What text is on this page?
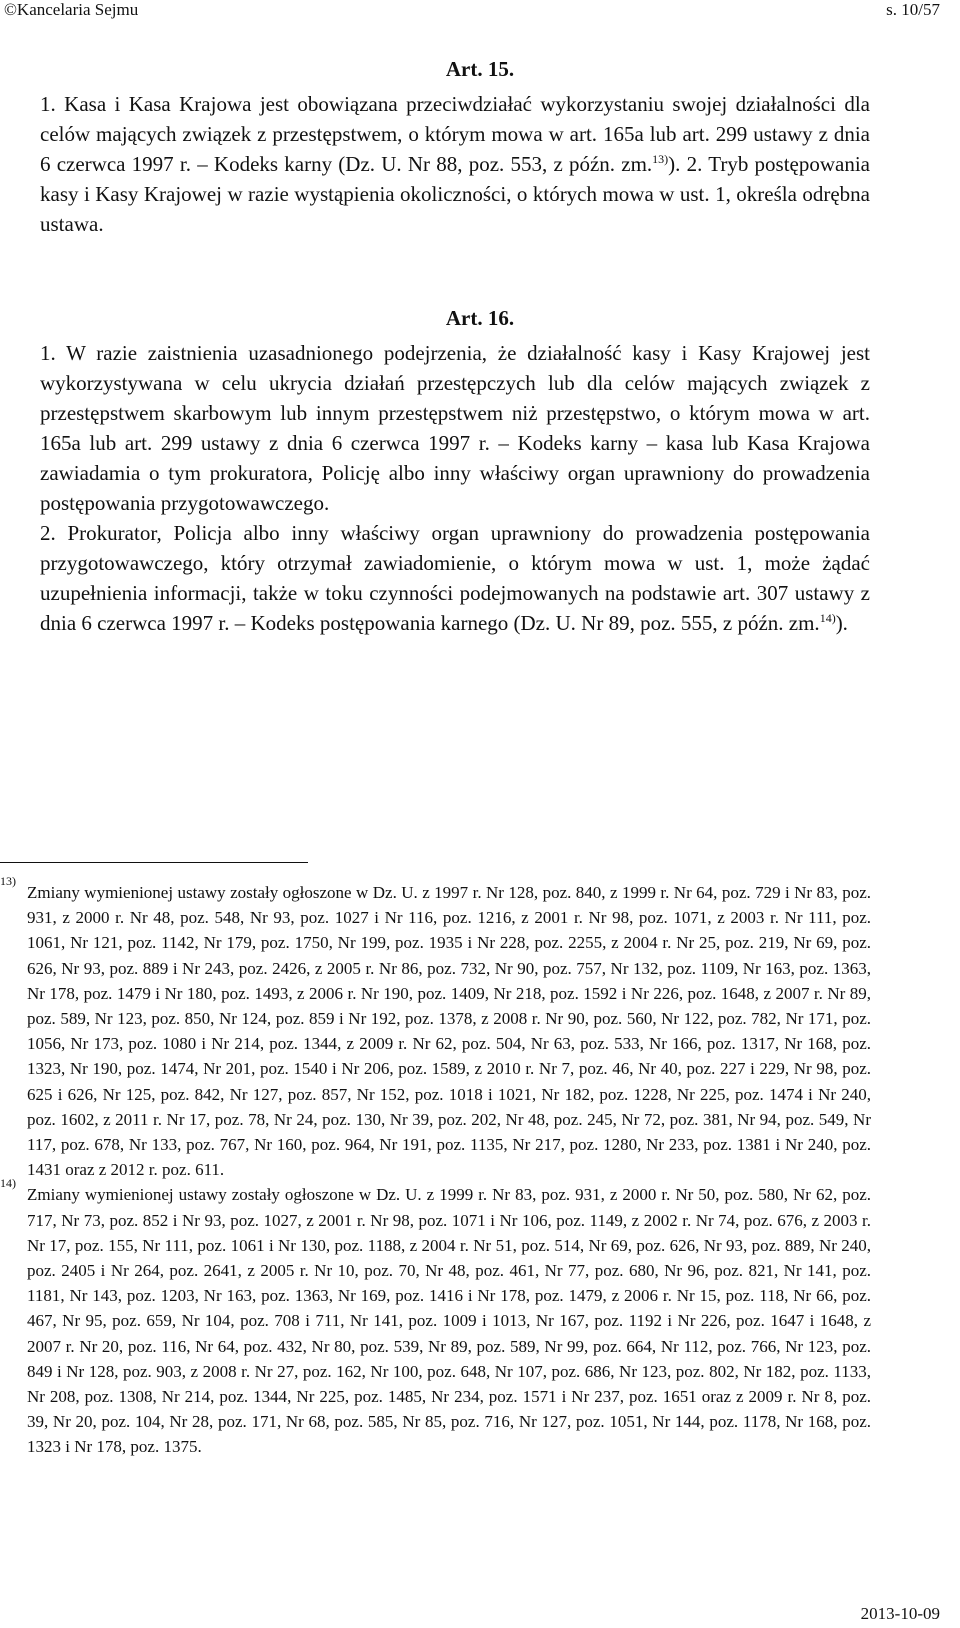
©Kancelaria Sejmu	s. 10/57
Art. 15.

1. Kasa i Kasa Krajowa jest obowiązana przeciwdziałać wykorzystaniu swojej działalności dla celów mających związek z przestępstwem, o którym mowa w art. 165a lub art. 299 ustawy z dnia 6 czerwca 1997 r. – Kodeks karny (Dz. U. Nr 88, poz. 553, z późn. zm.$^{13)}$). 2. Tryb postępowania kasy i Kasy Krajowej w razie wystąpienia okoliczności, o których mowa w ust. 1, określa odrębna ustawa.

Art. 16.

1. W razie zaistnienia uzasadnionego podejrzenia, że działalność kasy i Kasy Krajowej jest wykorzystywana w celu ukrycia działań przestępczych lub dla celów mających związek z przestępstwem skarbowym lub innym przestępstwem niż przestępstwo, o którym mowa w art. 165a lub art. 299 ustawy z dnia 6 czerwca 1997 r. – Kodeks karny – kasa lub Kasa Krajowa zawiadamia o tym prokuratora, Policję albo inny właściwy organ uprawniony do prowadzenia postępowania przygotowawczego.

2. Prokurator, Policja albo inny właściwy organ uprawniony do prowadzenia postępowania przygotowawczego, który otrzymał zawiadomienie, o którym mowa w ust. 1, może żądać uzupełnienia informacji, także w toku czynności podejmowanych na podstawie art. 307 ustawy z dnia 6 czerwca 1997 r. – Kodeks postępowania karnego (Dz. U. Nr 89, poz. 555, z późn. zm.$^{14)}$).

13)
Zmiany wymienionej ustawy zostały ogłoszone w Dz. U. z 1997 r. Nr 128, poz. 840, z 1999 r. Nr 64, poz. 729 i Nr 83, poz. 931, z 2000 r. Nr 48, poz. 548, Nr 93, poz. 1027 i Nr 116, poz. 1216, z 2001 r. Nr 98, poz. 1071, z 2003 r. Nr 111, poz. 1061, Nr 121, poz. 1142, Nr 179, poz. 1750, Nr 199, poz. 1935 i Nr 228, poz. 2255, z 2004 r. Nr 25, poz. 219, Nr 69, poz. 626, Nr 93, poz. 889 i Nr 243, poz. 2426, z 2005 r. Nr 86, poz. 732, Nr 90, poz. 757, Nr 132, poz. 1109, Nr 163, poz. 1363, Nr 178, poz. 1479 i Nr 180, poz. 1493, z 2006 r. Nr 190, poz. 1409, Nr 218, poz. 1592 i Nr 226, poz. 1648, z 2007 r. Nr 89, poz. 589, Nr 123, poz. 850, Nr 124, poz. 859 i Nr 192, poz. 1378, z 2008 r. Nr 90, poz. 560, Nr 122, poz. 782, Nr 171, poz. 1056, Nr 173, poz. 1080 i Nr 214, poz. 1344, z 2009 r. Nr 62, poz. 504, Nr 63, poz. 533, Nr 166, poz. 1317, Nr 168, poz. 1323, Nr 190, poz. 1474, Nr 201, poz. 1540 i Nr 206, poz. 1589, z 2010 r. Nr 7, poz. 46, Nr 40, poz. 227 i 229, Nr 98, poz. 625 i 626, Nr 125, poz. 842, Nr 127, poz. 857, Nr 152, poz. 1018 i 1021, Nr 182, poz. 1228, Nr 225, poz. 1474 i Nr 240, poz. 1602, z 2011 r. Nr 17, poz. 78, Nr 24, poz. 130, Nr 39, poz. 202, Nr 48, poz. 245, Nr 72, poz. 381, Nr 94, poz. 549, Nr 117, poz. 678, Nr 133, poz. 767, Nr 160, poz. 964, Nr 191, poz. 1135, Nr 217, poz. 1280, Nr 233, poz. 1381 i Nr 240, poz. 1431 oraz z 2012 r. poz. 611.

14)
Zmiany wymienionej ustawy zostały ogłoszone w Dz. U. z 1999 r. Nr 83, poz. 931, z 2000 r. Nr 50, poz. 580, Nr 62, poz. 717, Nr 73, poz. 852 i Nr 93, poz. 1027, z 2001 r. Nr 98, poz. 1071 i Nr 106, poz. 1149, z 2002 r. Nr 74, poz. 676, z 2003 r. Nr 17, poz. 155, Nr 111, poz. 1061 i Nr 130, poz. 1188, z 2004 r. Nr 51, poz. 514, Nr 69, poz. 626, Nr 93, poz. 889, Nr 240, poz. 2405 i Nr 264, poz. 2641, z 2005 r. Nr 10, poz. 70, Nr 48, poz. 461, Nr 77, poz. 680, Nr 96, poz. 821, Nr 141, poz. 1181, Nr 143, poz. 1203, Nr 163, poz. 1363, Nr 169, poz. 1416 i Nr 178, poz. 1479, z 2006 r. Nr 15, poz. 118, Nr 66, poz. 467, Nr 95, poz. 659, Nr 104, poz. 708 i 711, Nr 141, poz. 1009 i 1013, Nr 167, poz. 1192 i Nr 226, poz. 1647 i 1648, z 2007 r. Nr 20, poz. 116, Nr 64, poz. 432, Nr 80, poz. 539, Nr 89, poz. 589, Nr 99, poz. 664, Nr 112, poz. 766, Nr 123, poz. 849 i Nr 128, poz. 903, z 2008 r. Nr 27, poz. 162, Nr 100, poz. 648, Nr 107, poz. 686, Nr 123, poz. 802, Nr 182, poz. 1133, Nr 208, poz. 1308, Nr 214, poz. 1344, Nr 225, poz. 1485, Nr 234, poz. 1571 i Nr 237, poz. 1651 oraz z 2009 r. Nr 8, poz. 39, Nr 20, poz. 104, Nr 28, poz. 171, Nr 68, poz. 585, Nr 85, poz. 716, Nr 127, poz. 1051, Nr 144, poz. 1178, Nr 168, poz. 1323 i Nr 178, poz. 1375.

2013-10-09
